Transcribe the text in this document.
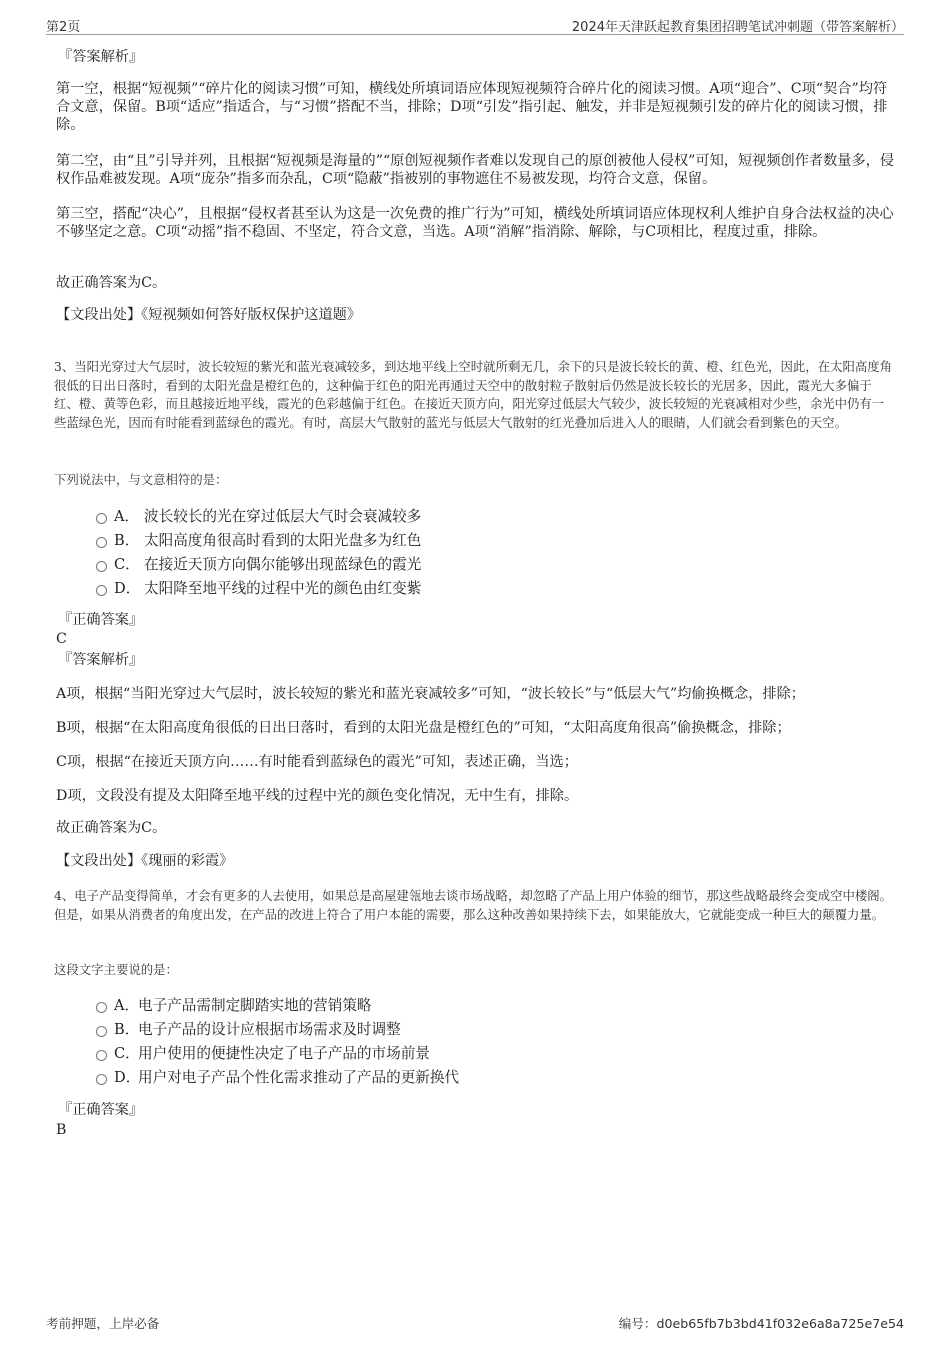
第2页	2024年天津跃起教育集团招聘笔试冲刺题（带答案解析）
『答案解析』

第一空，根据“短视频”“碎片化的阅读习惯”可知，横线处所填词语应体现短视频符合碎片化的阅读习惯。A项“迎合”、C项“契合”均符合文意，保留。B项“适应”指适合，与“习惯”搭配不当，排除；D项“引发”指引起、触发，并非是短视频引发的碎片化的阅读习惯，排除。

第二空，由“且”引导并列，且根据“短视频是海量的”“原创短视频作者难以发现自己的原创被他人侵权”可知，短视频创作者数量多，侵权作品难被发现。A项“庞杂”指多而杂乱，C项“隐蔽”指被别的事物遮住不易被发现，均符合文意，保留。

第三空，搭配“决心”，且根据“侵权者甚至认为这是一次免费的推广行为”可知，横线处所填词语应体现权利人维护自身合法权益的决心不够坚定之意。C项“动摇”指不稳固、不坚定，符合文意，当选。A项“消解”指消除、解除，与C项相比，程度过重，排除。

故正确答案为C。

【文段出处】《短视频如何答好版权保护这道题》
3、当阳光穿过大气层时，波长较短的紫光和蓝光衰减较多，到达地平线上空时就所剩无几，余下的只是波长较长的黄、橙、红色光，因此，在太阳高度角很低的日出日落时，看到的太阳光盘是橙红色的，这种偏于红色的阳光再通过天空中的散射粒子散射后仍然是波长较长的光居多，因此，霞光大多偏于红、橙、黄等色彩，而且越接近地平线，霞光的色彩越偏于红色。在接近天顶方向，阳光穿过低层大气较少，波长较短的光衰减相对少些，余光中仍有一些蓝绿色光，因而有时能看到蓝绿色的霞光。有时，高层大气散射的蓝光与低层大气散射的红光叠加后进入人的眼睛，人们就会看到紫色的天空。
下列说法中，与文意相符的是：
A． 波长较长的光在穿过低层大气时会衰减较多
B． 太阳高度角很高时看到的太阳光盘多为红色
C． 在接近天顶方向偶尔能够出现蓝绿色的霞光
D． 太阳降至地平线的过程中光的颜色由红变紫
『正确答案』
C
『答案解析』

A项，根据“当阳光穿过大气层时，波长较短的紫光和蓝光衰减较多”可知，“波长较长”与“低层大气”均偷换概念，排除；

B项，根据“在太阳高度角很低的日出日落时，看到的太阳光盘是橙红色的”可知，“太阳高度角很高”偷换概念，排除；

C项，根据“在接近天顶方向……有时能看到蓝绿色的霞光”可知，表述正确，当选；

D项，文段没有提及太阳降至地平线的过程中光的颜色变化情况，无中生有，排除。

故正确答案为C。

【文段出处】《瑰丽的彩霞》
4、电子产品变得简单，才会有更多的人去使用，如果总是高屋建瓴地去谈市场战略，却忽略了产品上用户体验的细节，那这些战略最终会变成空中楼阁。但是，如果从消费者的角度出发，在产品的改进上符合了用户本能的需要，那么这种改善如果持续下去，如果能放大，它就能变成一种巨大的颠覆力量。
这段文字主要说的是：
A．电子产品需制定脚踏实地的营销策略
B．电子产品的设计应根据市场需求及时调整
C．用户使用的便捷性决定了电子产品的市场前景
D．用户对电子产品个性化需求推动了产品的更新换代
『正确答案』
B
考前押题，上岸必备	编号：d0eb65fb7b3bd41f032e6a8a725e7e54
